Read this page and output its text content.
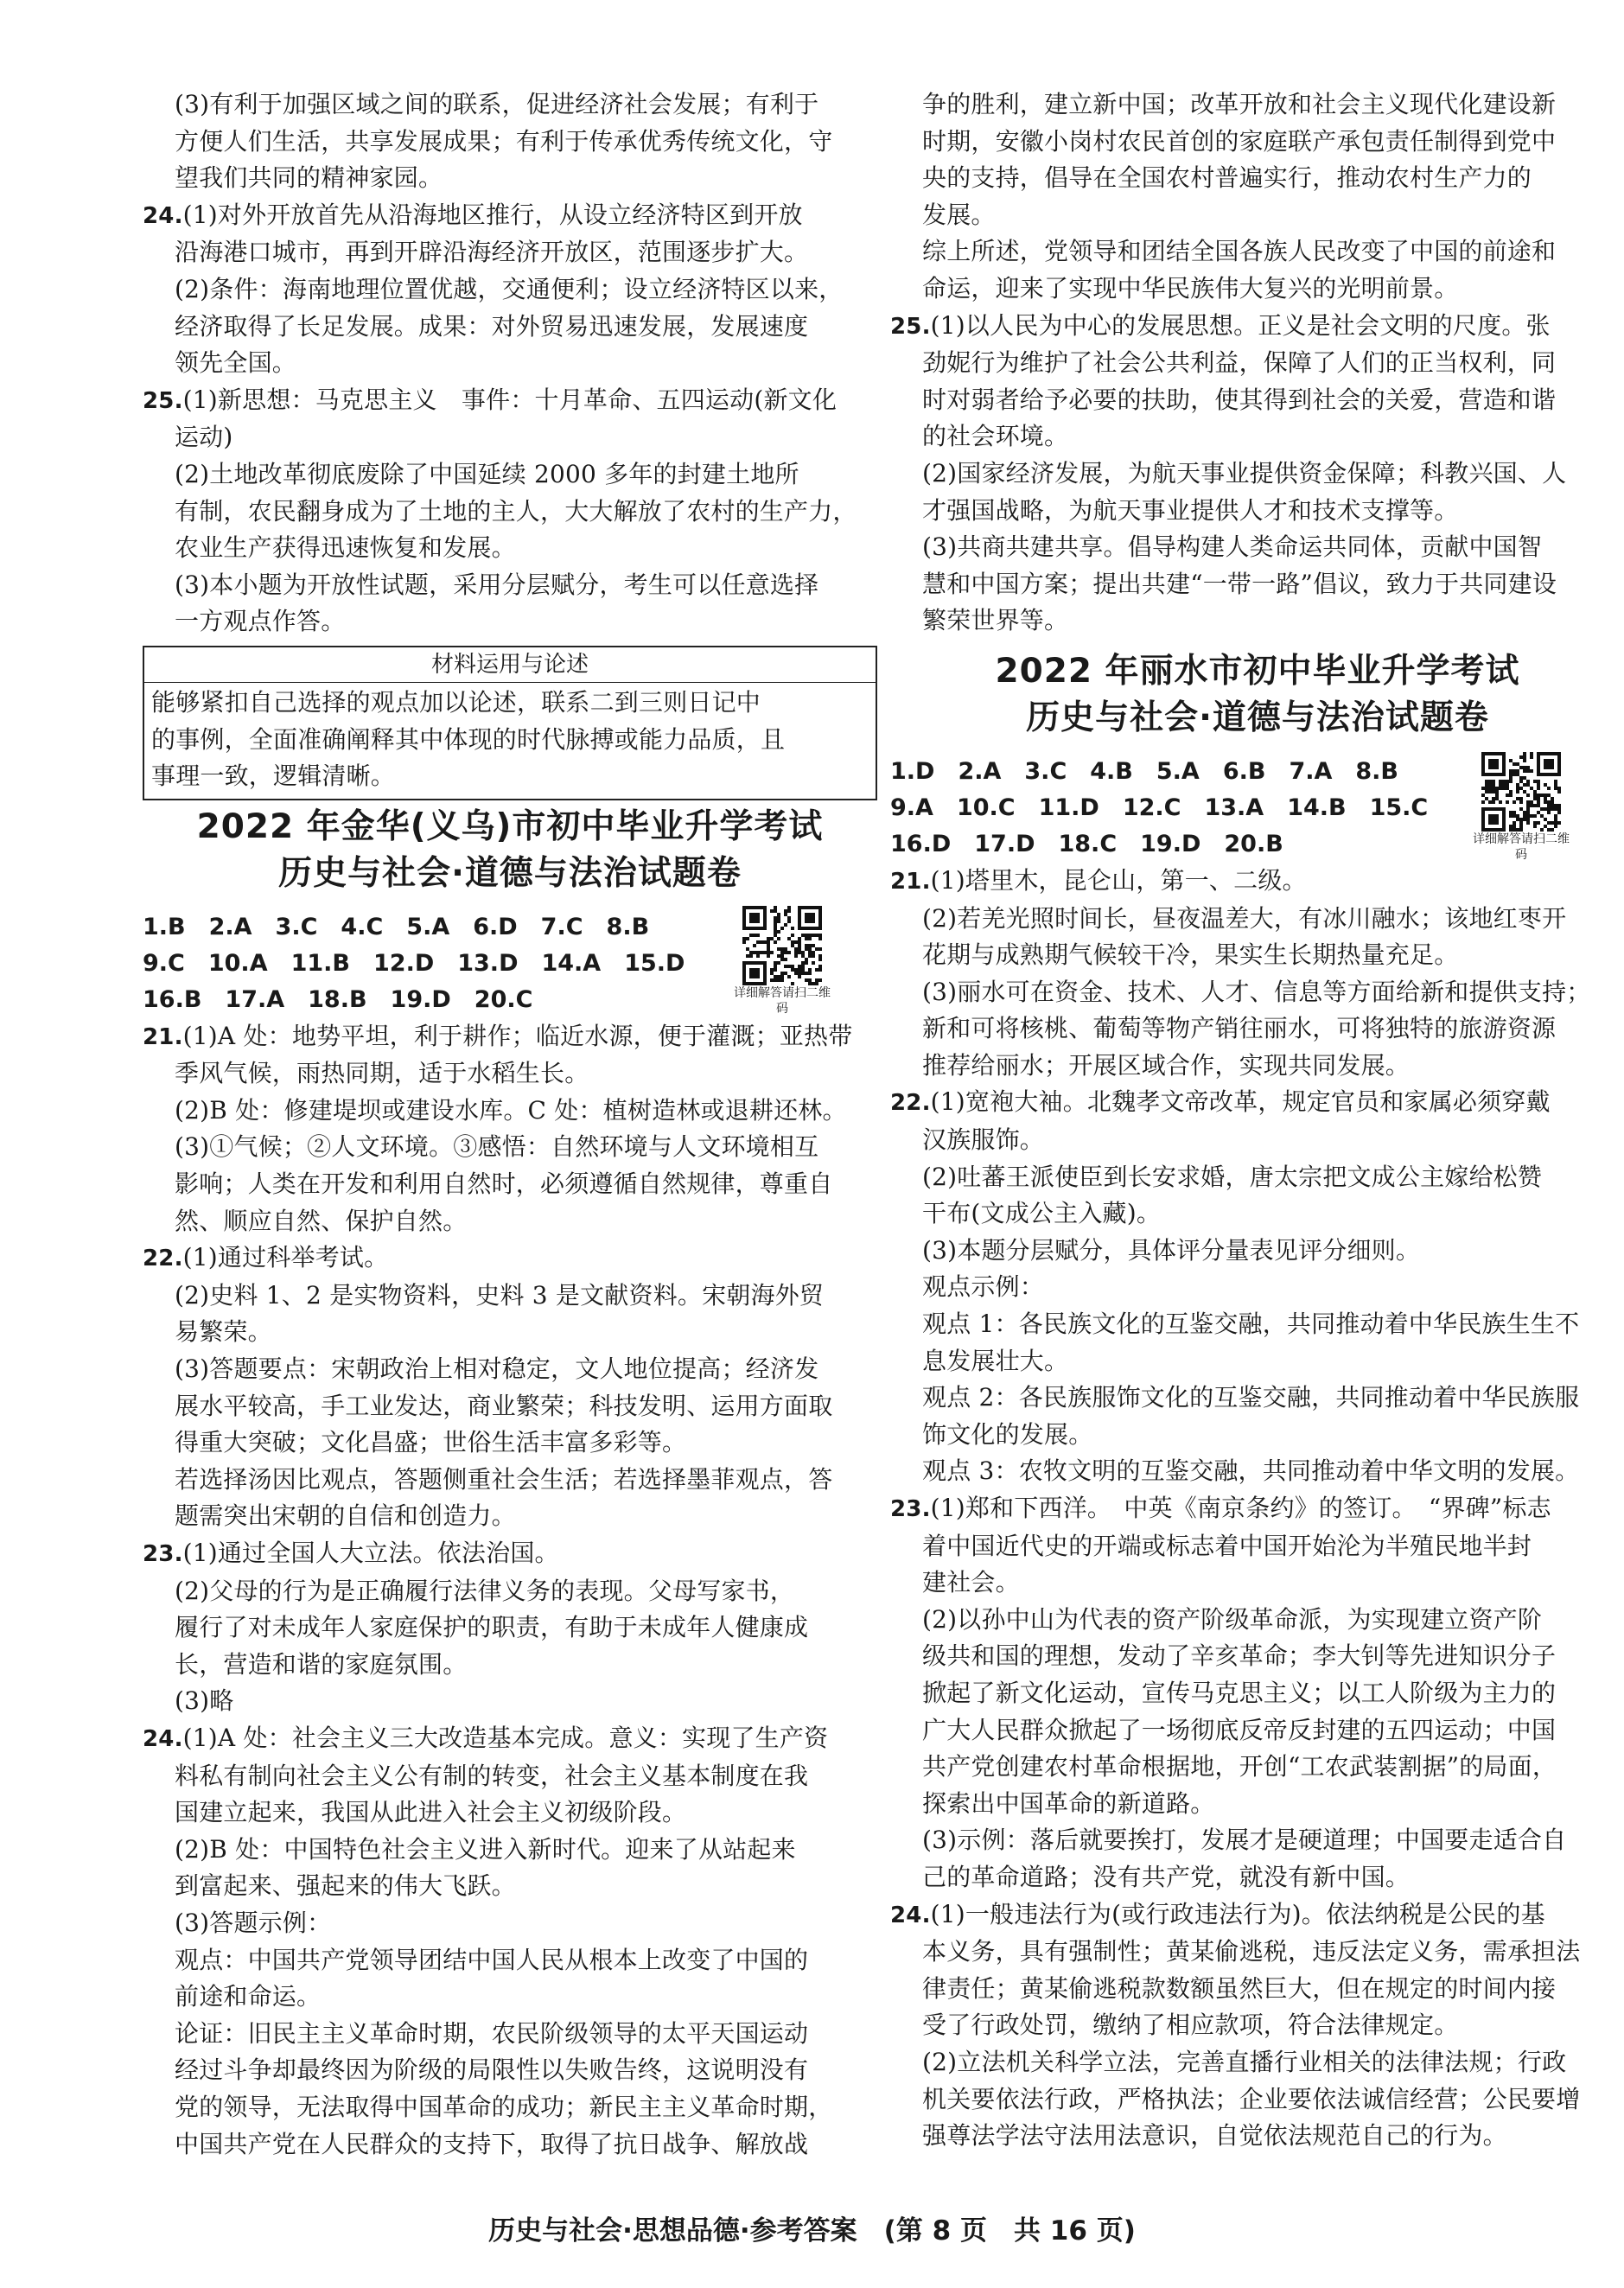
(3)有利于加强区域之间的联系，促进经济社会发展；有利于
方便人们生活，共享发展成果；有利于传承优秀传统文化，守
望我们共同的精神家园。
24.(1)对外开放首先从沿海地区推行，从设立经济特区到开放
沿海港口城市，再到开辟沿海经济开放区，范围逐步扩大。
(2)条件：海南地理位置优越，交通便利；设立经济特区以来，
经济取得了长足发展。成果：对外贸易迅速发展，发展速度
领先全国。
25.(1)新思想：马克思主义　事件：十月革命、五四运动(新文化
运动)
(2)土地改革彻底废除了中国延续 2000 多年的封建土地所
有制，农民翻身成为了土地的主人，大大解放了农村的生产力，
农业生产获得迅速恢复和发展。
(3)本小题为开放性试题，采用分层赋分，考生可以任意选择
一方观点作答。
材料运用与论述
能够紧扣自己选择的观点加以论述，联系二到三则日记中
的事例，全面准确阐释其中体现的时代脉搏或能力品质，且
事理一致，逻辑清晰。
2022 年金华(义乌)市初中毕业升学考试
历史与社会·道德与法治试题卷
1.B　2.A　3.C　4.C　5.A　6.D　7.C　8.B
9.C　10.A　11.B　12.D　13.D　14.A　15.D
16.B　17.A　18.B　19.D　20.C	详细解答请扫二维码
21.(1)A 处：地势平坦，利于耕作；临近水源，便于灌溉；亚热带
季风气候，雨热同期，适于水稻生长。
(2)B 处：修建堤坝或建设水库。C 处：植树造林或退耕还林。
(3)①气候；②人文环境。③感悟：自然环境与人文环境相互
影响；人类在开发和利用自然时，必须遵循自然规律，尊重自
然、顺应自然、保护自然。
22.(1)通过科举考试。
(2)史料 1、2 是实物资料，史料 3 是文献资料。宋朝海外贸
易繁荣。
(3)答题要点：宋朝政治上相对稳定，文人地位提高；经济发
展水平较高，手工业发达，商业繁荣；科技发明、运用方面取
得重大突破；文化昌盛；世俗生活丰富多彩等。
若选择汤因比观点，答题侧重社会生活；若选择墨菲观点，答
题需突出宋朝的自信和创造力。
23.(1)通过全国人大立法。依法治国。
(2)父母的行为是正确履行法律义务的表现。父母写家书，
履行了对未成年人家庭保护的职责，有助于未成年人健康成
长，营造和谐的家庭氛围。
(3)略
24.(1)A 处：社会主义三大改造基本完成。意义：实现了生产资
料私有制向社会主义公有制的转变，社会主义基本制度在我
国建立起来，我国从此进入社会主义初级阶段。
(2)B 处：中国特色社会主义进入新时代。迎来了从站起来
到富起来、强起来的伟大飞跃。
(3)答题示例：
观点：中国共产党领导团结中国人民从根本上改变了中国的
前途和命运。
论证：旧民主主义革命时期，农民阶级领导的太平天国运动
经过斗争却最终因为阶级的局限性以失败告终，这说明没有
党的领导，无法取得中国革命的成功；新民主主义革命时期，
中国共产党在人民群众的支持下，取得了抗日战争、解放战
争的胜利，建立新中国；改革开放和社会主义现代化建设新
时期，安徽小岗村农民首创的家庭联产承包责任制得到党中
央的支持，倡导在全国农村普遍实行，推动农村生产力的
发展。
综上所述，党领导和团结全国各族人民改变了中国的前途和
命运，迎来了实现中华民族伟大复兴的光明前景。
25.(1)以人民为中心的发展思想。正义是社会文明的尺度。张
劲妮行为维护了社会公共利益，保障了人们的正当权利，同
时对弱者给予必要的扶助，使其得到社会的关爱，营造和谐
的社会环境。
(2)国家经济发展，为航天事业提供资金保障；科教兴国、人
才强国战略，为航天事业提供人才和技术支撑等。
(3)共商共建共享。倡导构建人类命运共同体，贡献中国智
慧和中国方案；提出共建“一带一路”倡议，致力于共同建设
繁荣世界等。
2022 年丽水市初中毕业升学考试
历史与社会·道德与法治试题卷
1.D　2.A　3.C　4.B　5.A　6.B　7.A　8.B
9.A　10.C　11.D　12.C　13.A　14.B　15.C
16.D　17.D　18.C　19.D　20.B	详细解答请扫二维码
21.(1)塔里木，昆仑山，第一、二级。
(2)若羌光照时间长，昼夜温差大，有冰川融水；该地红枣开
花期与成熟期气候较干冷，果实生长期热量充足。
(3)丽水可在资金、技术、人才、信息等方面给新和提供支持；
新和可将核桃、葡萄等物产销往丽水，可将独特的旅游资源
推荐给丽水；开展区域合作，实现共同发展。
22.(1)宽袍大袖。北魏孝文帝改革，规定官员和家属必须穿戴
汉族服饰。
(2)吐蕃王派使臣到长安求婚，唐太宗把文成公主嫁给松赞
干布(文成公主入藏)。
(3)本题分层赋分，具体评分量表见评分细则。
观点示例：
观点 1：各民族文化的互鉴交融，共同推动着中华民族生生不
息发展壮大。
观点 2：各民族服饰文化的互鉴交融，共同推动着中华民族服
饰文化的发展。
观点 3：农牧文明的互鉴交融，共同推动着中华文明的发展。
23.(1)郑和下西洋。　中英《南京条约》的签订。　“界碑”标志
着中国近代史的开端或标志着中国开始沦为半殖民地半封
建社会。
(2)以孙中山为代表的资产阶级革命派，为实现建立资产阶
级共和国的理想，发动了辛亥革命；李大钊等先进知识分子
掀起了新文化运动，宣传马克思主义；以工人阶级为主力的
广大人民群众掀起了一场彻底反帝反封建的五四运动；中国
共产党创建农村革命根据地，开创“工农武装割据”的局面，
探索出中国革命的新道路。
(3)示例：落后就要挨打，发展才是硬道理；中国要走适合自
己的革命道路；没有共产党，就没有新中国。
24.(1)一般违法行为(或行政违法行为)。依法纳税是公民的基
本义务，具有强制性；黄某偷逃税，违反法定义务，需承担法
律责任；黄某偷逃税款数额虽然巨大，但在规定的时间内接
受了行政处罚，缴纳了相应款项，符合法律规定。
(2)立法机关科学立法，完善直播行业相关的法律法规；行政
机关要依法行政，严格执法；企业要依法诚信经营；公民要增
强尊法学法守法用法意识，自觉依法规范自己的行为。
历史与社会·思想品德·参考答案　(第 8 页　共 16 页)
